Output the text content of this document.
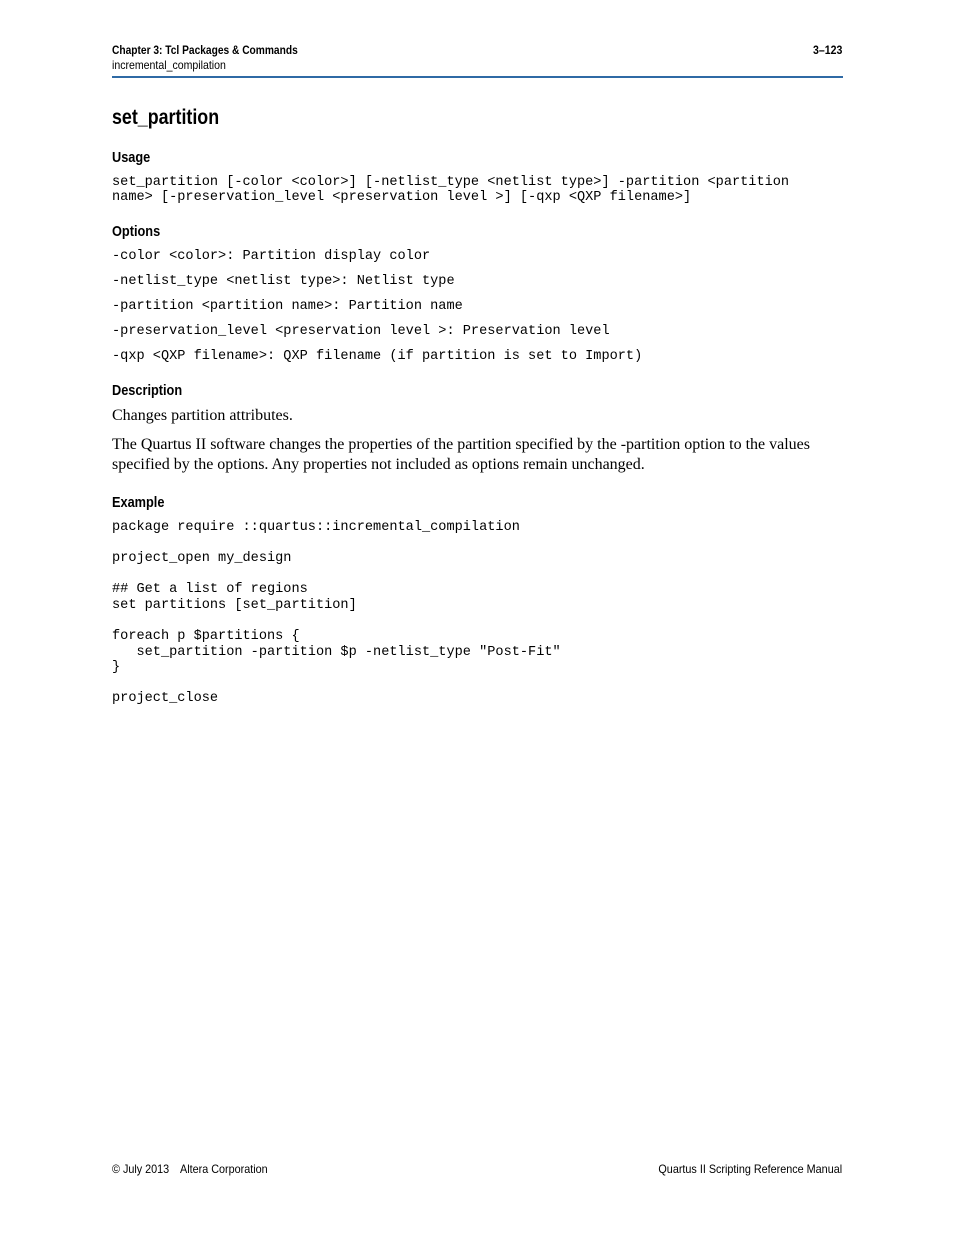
Chapter 3: Tcl Packages & Commands
incremental_compilation
3–123
set_partition
Usage
set_partition [-color <color>] [-netlist_type <netlist type>] -partition <partition
name> [-preservation_level <preservation level >] [-qxp <QXP filename>]
Options
-color <color>: Partition display color
-netlist_type <netlist type>: Netlist type
-partition <partition name>: Partition name
-preservation_level <preservation level >: Preservation level
-qxp <QXP filename>: QXP filename (if partition is set to Import)
Description
Changes partition attributes.
The Quartus II software changes the properties of the partition specified by the -partition option to the values specified by the options. Any properties not included as options remain unchanged.
Example
package require ::quartus::incremental_compilation
project_open my_design
## Get a list of regions
set partitions [set_partition]
foreach p $partitions {
set_partition -partition $p -netlist_type "Post-Fit"
}
project_close
© July 2013 Altera Corporation	Quartus II Scripting Reference Manual
